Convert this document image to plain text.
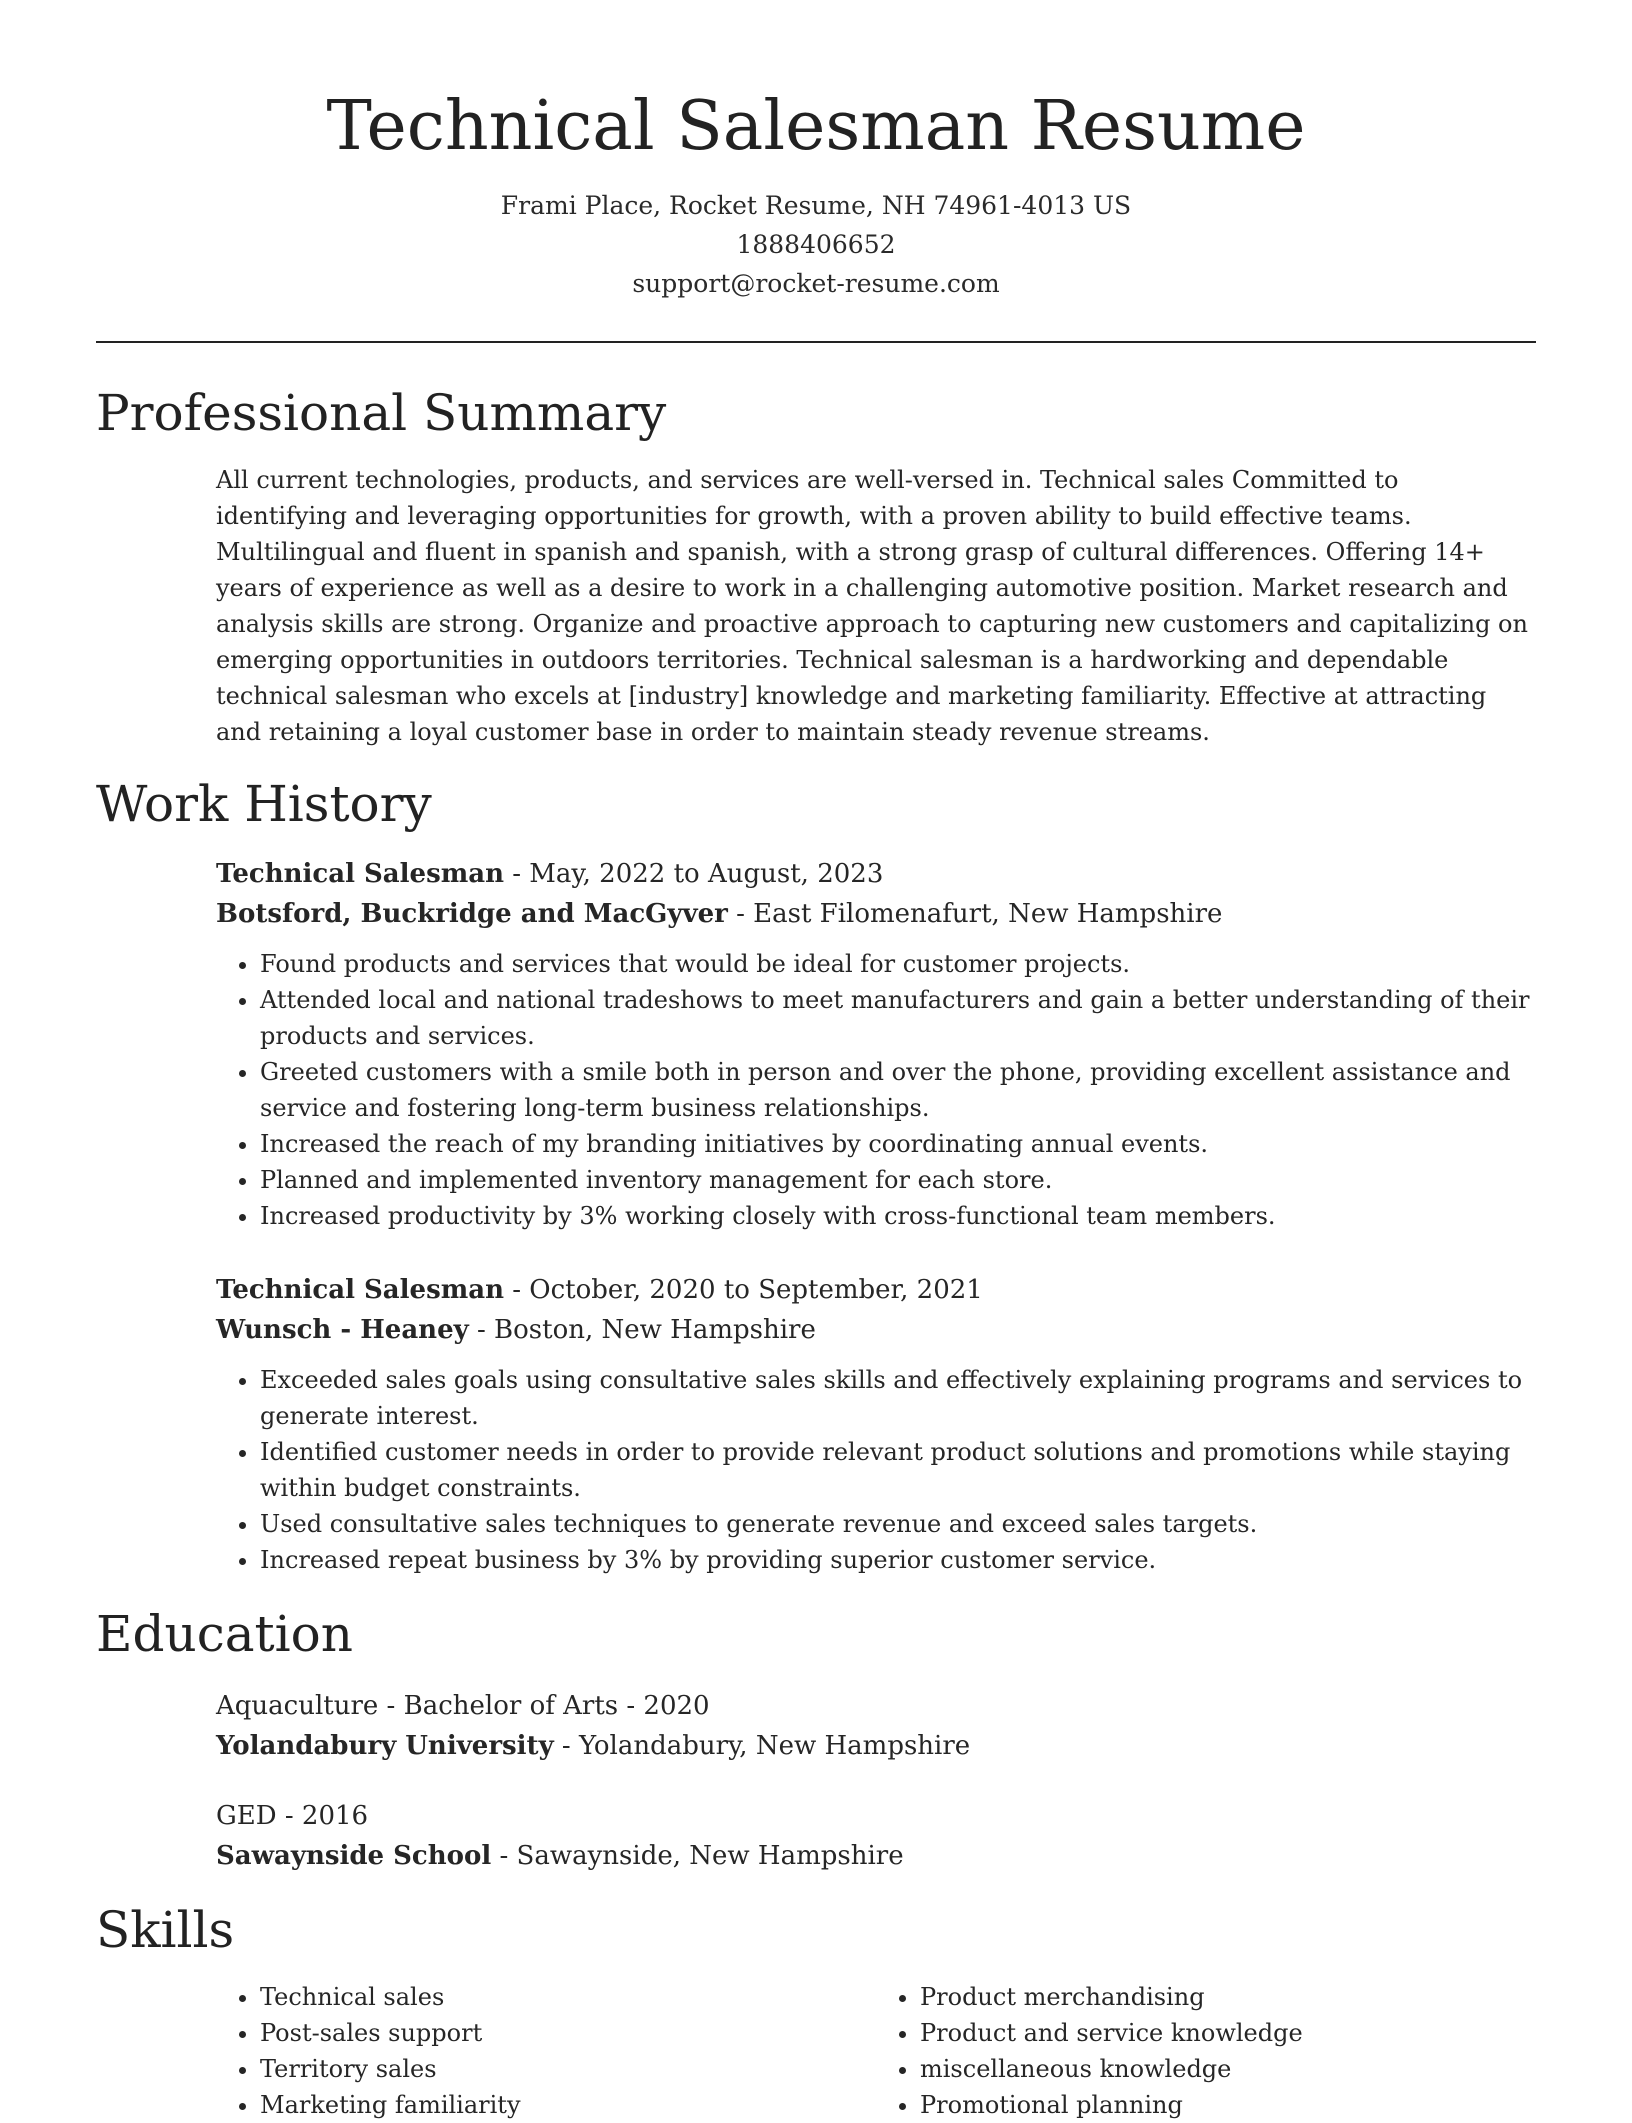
Technical Salesman Resume
Frami Place, Rocket Resume, NH 74961-4013 US
1888406652
support@rocket-resume.com
Professional Summary
All current technologies, products, and services are well-versed in. Technical sales Committed to identifying and leveraging opportunities for growth, with a proven ability to build effective teams. Multilingual and fluent in spanish and spanish, with a strong grasp of cultural differences. Offering 14+ years of experience as well as a desire to work in a challenging automotive position. Market research and analysis skills are strong. Organize and proactive approach to capturing new customers and capitalizing on emerging opportunities in outdoors territories. Technical salesman is a hardworking and dependable technical salesman who excels at [industry] knowledge and marketing familiarity. Effective at attracting and retaining a loyal customer base in order to maintain steady revenue streams.
Work History
Technical Salesman - May, 2022 to August, 2023
Botsford, Buckridge and MacGyver - East Filomenafurt, New Hampshire
• Found products and services that would be ideal for customer projects.
• Attended local and national tradeshows to meet manufacturers and gain a better understanding of their products and services.
• Greeted customers with a smile both in person and over the phone, providing excellent assistance and service and fostering long-term business relationships.
• Increased the reach of my branding initiatives by coordinating annual events.
• Planned and implemented inventory management for each store.
• Increased productivity by 3% working closely with cross-functional team members.
Technical Salesman - October, 2020 to September, 2021
Wunsch - Heaney - Boston, New Hampshire
• Exceeded sales goals using consultative sales skills and effectively explaining programs and services to generate interest.
• Identified customer needs in order to provide relevant product solutions and promotions while staying within budget constraints.
• Used consultative sales techniques to generate revenue and exceed sales targets.
• Increased repeat business by 3% by providing superior customer service.
Education
Aquaculture - Bachelor of Arts - 2020
Yolandabury University - Yolandabury, New Hampshire
GED - 2016
Sawaynside School - Sawaynside, New Hampshire
Skills
• Technical sales
• Post-sales support
• Territory sales
• Marketing familiarity
• Product merchandising
• Product and service knowledge
• miscellaneous knowledge
• Promotional planning
